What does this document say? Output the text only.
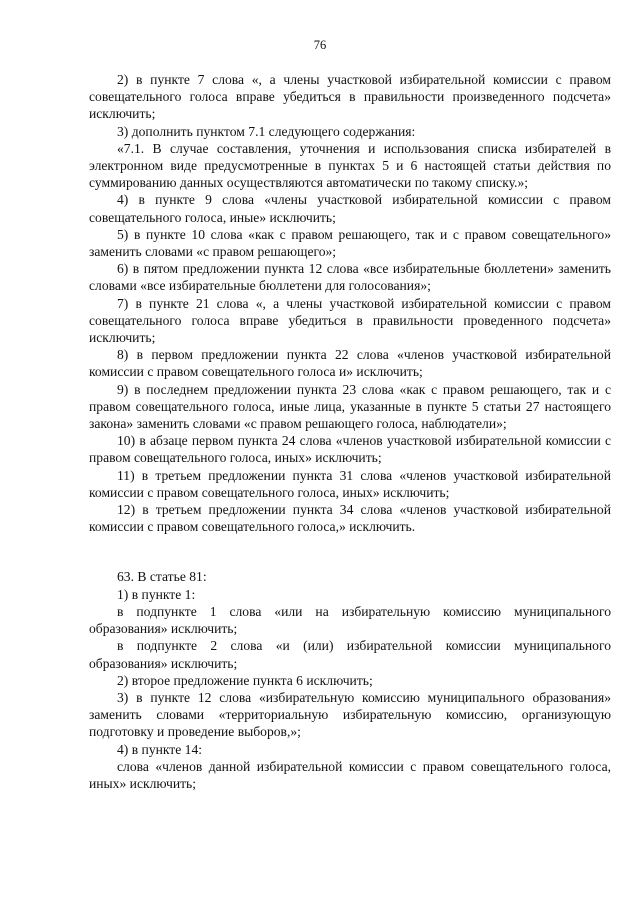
76

2) в пункте 7 слова «, а члены участковой избирательной комиссии с правом совещательного голоса вправе убедиться в правильности произведенного подсчета» исключить;

3) дополнить пунктом 7.1 следующего содержания:

«7.1. В случае составления, уточнения и использования списка избирателей в электронном виде предусмотренные в пунктах 5 и 6 настоящей статьи действия по суммированию данных осуществляются автоматически по такому списку.»;

4) в пункте 9 слова «члены участковой избирательной комиссии с правом совещательного голоса, иные» исключить;

5) в пункте 10 слова «как с правом решающего, так и с правом совещательного» заменить словами «с правом решающего»;

6) в пятом предложении пункта 12 слова «все избирательные бюллетени» заменить словами «все избирательные бюллетени для голосования»;

7) в пункте 21 слова «, а члены участковой избирательной комиссии с правом совещательного голоса вправе убедиться в правильности проведенного подсчета» исключить;

8) в первом предложении пункта 22 слова «членов участковой избирательной комиссии с правом совещательного голоса и» исключить;

9) в последнем предложении пункта 23 слова «как с правом решающего, так и с правом совещательного голоса, иные лица, указанные в пункте 5 статьи 27 настоящего закона» заменить словами «с правом решающего голоса, наблюдатели»;

10) в абзаце первом пункта 24 слова «членов участковой избирательной комиссии с правом совещательного голоса, иных» исключить;

11) в третьем предложении пункта 31 слова «членов участковой избирательной комиссии с правом совещательного голоса, иных» исключить;

12) в третьем предложении пункта 34 слова «членов участковой избирательной комиссии с правом совещательного голоса,» исключить.

63. В статье 81:

1) в пункте 1:

в подпункте 1 слова «или на избирательную комиссию муниципального образования» исключить;

в подпункте 2 слова «и (или) избирательной комиссии муниципального образования» исключить;

2) второе предложение пункта 6 исключить;

3) в пункте 12 слова «избирательную комиссию муниципального образования» заменить словами «территориальную избирательную комиссию, организующую подготовку и проведение выборов,»;

4) в пункте 14:

слова «членов данной избирательной комиссии с правом совещательного голоса, иных» исключить;
